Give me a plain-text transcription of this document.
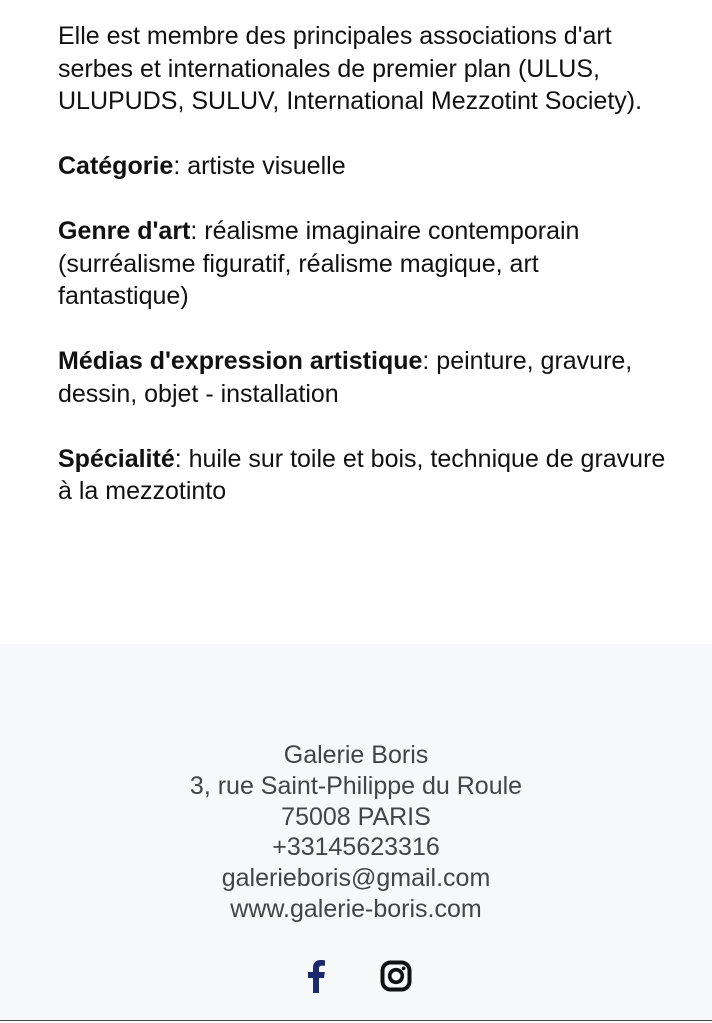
Elle est membre des principales associations d'art serbes et internationales de premier plan (ULUS, ULUPUDS, SULUV, International Mezzotint Society).

Catégorie: artiste visuelle

Genre d'art: réalisme imaginaire contemporain (surréalisme figuratif, réalisme magique, art fantastique)

Médias d'expression artistique: peinture, gravure, dessin, objet - installation

Spécialité: huile sur toile et bois, technique de gravure à la mezzotinto

Galerie Boris
3, rue Saint-Philippe du Roule
75008 PARIS
+33145623316
galerieboris@gmail.com
www.galerie-boris.com
